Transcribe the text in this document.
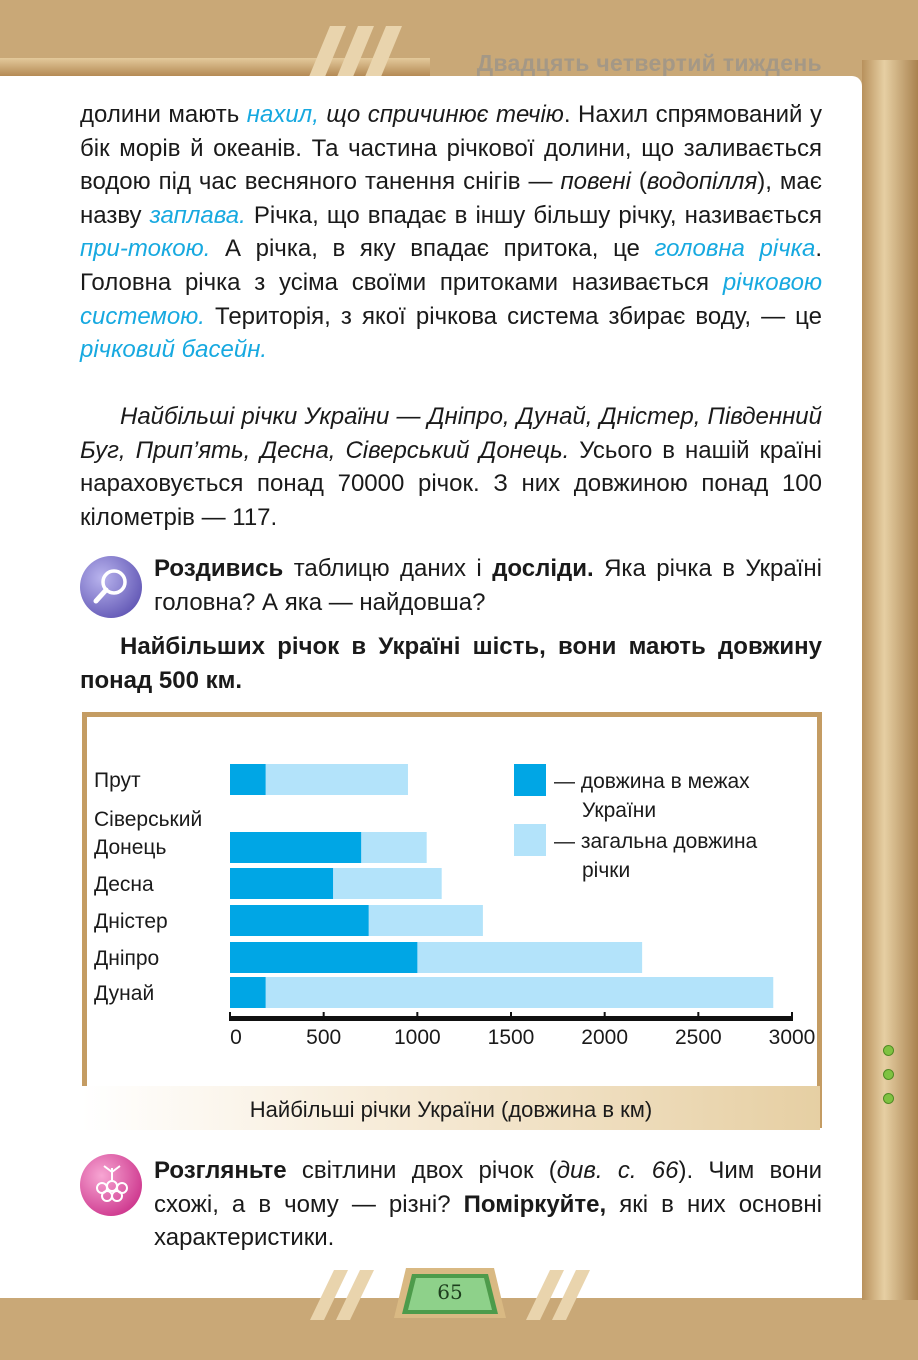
Двадцять четвертий тиждень
долини мають нахил, що спричинює течію. Нахил спрямований у бік морів й океанів. Та частина річкової долини, що заливається водою під час весняного танення снігів — повені (водопілля), має назву заплава. Річка, що впадає в іншу більшу річку, називається при-токою. А річка, в яку впадає притока, це головна річка. Головна річка з усіма своїми притоками називається річковою системою. Територія, з якої річкова система збирає воду, — це річковий басейн.
Найбільші річки України — Дніпро, Дунай, Дністер, Південний Буг, Прип’ять, Десна, Сіверський Донець. Усього в нашій країні нараховується понад 70000 річок. З них довжиною понад 100 кілометрів — 117.
Роздивись таблицю даних і досліди. Яка річка в Україні головна? А яка — найдовша?
Найбільших річок в Україні шість, вони мають довжину понад 500 км.
Прут
Сіверський
Донець
Десна
Дністер
Дніпро
Дунай
0	500	1000 1500 2000 2500 3000
— довжина в межах
України
— загальна довжина
річки
Найбільші річки України (довжина в км)
Розгляньте світлини двох річок (див. с. 66). Чим вони схожі, а в чому — різні? Поміркуйте, які в них основні характеристики.
65
